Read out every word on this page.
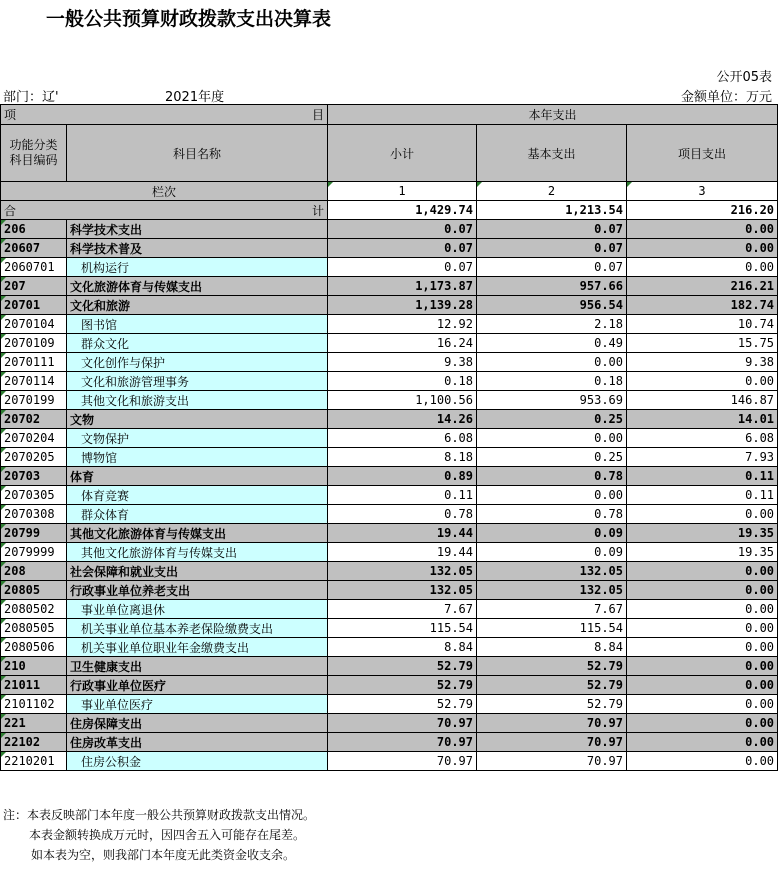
一般公共预算财政拨款支出决算表
公开05表
部门：辽'	2021年度	金额单位：万元
项 目		本年支出		

功能分类
科目编码	科目名称	小计	基本支出	项目支出
栏次		1	2	3

合 计		1,429.74	1,213.54	216.20
206	科学技术支出	0.07	0.07	0.00
20607	科学技术普及	0.07	0.07	0.00
2060701	机构运行	0.07	0.07	0.00
207	文化旅游体育与传媒支出	1,173.87	957.66	216.21
20701	文化和旅游	1,139.28	956.54	182.74
2070104	图书馆	12.92	2.18	10.74
2070109	群众文化	16.24	0.49	15.75
2070111	文化创作与保护	9.38	0.00	9.38
2070114	文化和旅游管理事务	0.18	0.18	0.00
2070199	其他文化和旅游支出	1,100.56	953.69	146.87
20702	文物	14.26	0.25	14.01
2070204	文物保护	6.08	0.00	6.08
2070205	博物馆	8.18	0.25	7.93
20703	体育	0.89	0.78	0.11
2070305	体育竞赛	0.11	0.00	0.11
2070308	群众体育	0.78	0.78	0.00
20799	其他文化旅游体育与传媒支出	19.44	0.09	19.35
2079999	其他文化旅游体育与传媒支出	19.44	0.09	19.35
208	社会保障和就业支出	132.05	132.05	0.00
20805	行政事业单位养老支出	132.05	132.05	0.00
2080502	事业单位离退休	7.67	7.67	0.00
2080505	机关事业单位基本养老保险缴费支出	115.54	115.54	0.00
2080506	机关事业单位职业年金缴费支出	8.84	8.84	0.00
210	卫生健康支出	52.79	52.79	0.00
21011	行政事业单位医疗	52.79	52.79	0.00
2101102	事业单位医疗	52.79	52.79	0.00
221	住房保障支出	70.97	70.97	0.00
22102	住房改革支出	70.97	70.97	0.00
2210201	住房公积金	70.97	70.97	0.00
注：本表反映部门本年度一般公共预算财政拨款支出情况。
本表金额转换成万元时，因四舍五入可能存在尾差。
如本表为空，则我部门本年度无此类资金收支余。
